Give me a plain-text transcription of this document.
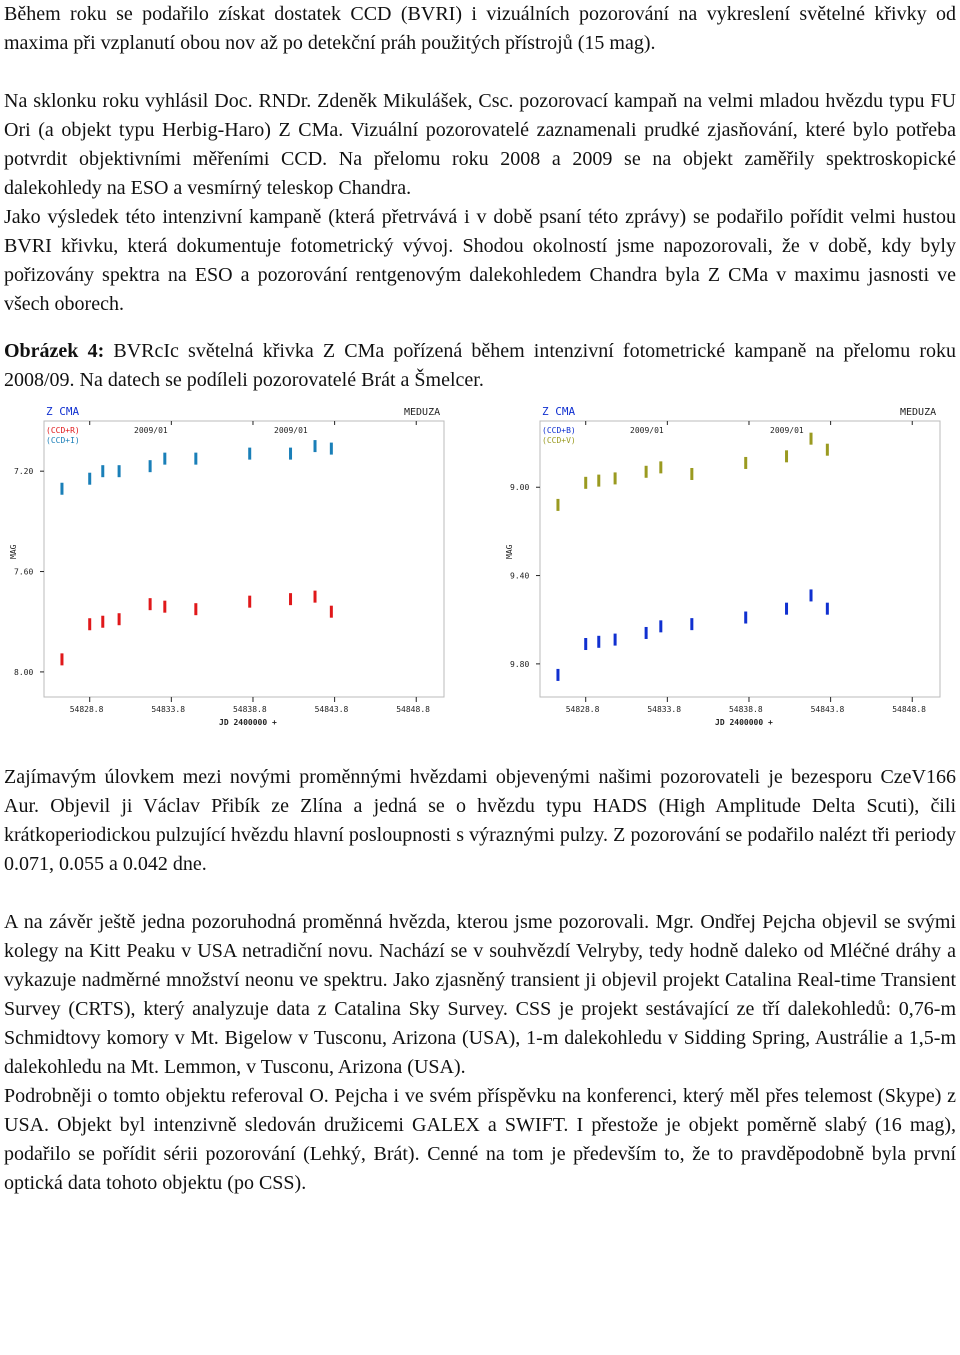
Během roku se podařilo získat dostatek CCD (BVRI) i vizuálních pozorování na vykreslení světelné křivky od maxima při vzplanutí obou nov až po detekční práh použitých přístrojů (15 mag).

Na sklonku roku vyhlásil Doc. RNDr. Zdeněk Mikulášek, Csc. pozorovací kampaň na velmi mladou hvězdu typu FU Ori (a objekt typu Herbig-Haro) Z CMa. Vizuální pozorovatelé zaznamenali prudké zjasňování, které bylo potřeba potvrdit objektivními měřeními CCD. Na přelomu roku 2008 a 2009 se na objekt zaměřily spektroskopické dalekohledy na ESO a vesmírný teleskop Chandra.

Jako výsledek této intenzivní kampaně (která přetrvává i v době psaní této zprávy) se podařilo pořídit velmi hustou BVRI křivku, která dokumentuje fotometrický vývoj. Shodou okolností jsme napozorovali, že v době, kdy byly pořizovány spektra na ESO a pozorování rentgenovým dalekohledem Chandra byla Z CMa v maximu jasnosti ve všech oborech.

Obrázek 4: BVRcIc světelná křivka Z CMa pořízená během intenzivní fotometrické kampaně na přelomu roku 2008/09. Na datech se podíleli pozorovatelé Brát a Šmelcer.

Z CMA	MEDUZA
(CCD+R)
(CCD+I)
2009/01	2009/01
7.20
7.60
8.00
MAG
54828.8	54833.8	54838.8	54843.8	54848.8
JD 2400000 +
Z CMA	MEDUZA
(CCD+B)
(CCD+V)
2009/01	2009/01
9.00
9.40
9.80
MAG
54828.8	54833.8	54838.8	54843.8	54848.8
JD 2400000 +

Zajímavým úlovkem mezi novými proměnnými hvězdami objevenými našimi pozorovateli je bezesporu CzeV166 Aur. Objevil ji Václav Přibík ze Zlína a jedná se o hvězdu typu HADS (High Amplitude Delta Scuti), čili krátkoperiodickou pulzující hvězdu hlavní posloupnosti s výraznými pulzy. Z pozorování se podařilo nalézt tři periody 0.071, 0.055 a 0.042 dne.

A na závěr ještě jedna pozoruhodná proměnná hvězda, kterou jsme pozorovali. Mgr. Ondřej Pejcha objevil se svými kolegy na Kitt Peaku v USA netradiční novu. Nachází se v souhvězdí Velryby, tedy hodně daleko od Mléčné dráhy a vykazuje nadměrné množství neonu ve spektru. Jako zjasněný transient ji objevil projekt Catalina Real-time Transient Survey (CRTS), který analyzuje data z Catalina Sky Survey. CSS je projekt sestávající ze tří dalekohledů: 0,76-m Schmidtovy komory v Mt. Bigelow v Tusconu, Arizona (USA), 1-m dalekohledu v Sidding Spring, Austrálie a 1,5-m dalekohledu na Mt. Lemmon, v Tusconu, Arizona (USA).

Podrobněji o tomto objektu referoval O. Pejcha i ve svém příspěvku na konferenci, který měl přes telemost (Skype) z USA. Objekt byl intenzivně sledován družicemi GALEX a SWIFT. I přestože je objekt poměrně slabý (16 mag), podařilo se pořídit sérii pozorování (Lehký, Brát). Cenné na tom je především to, že to pravděpodobně byla první optická data tohoto objektu (po CSS).
